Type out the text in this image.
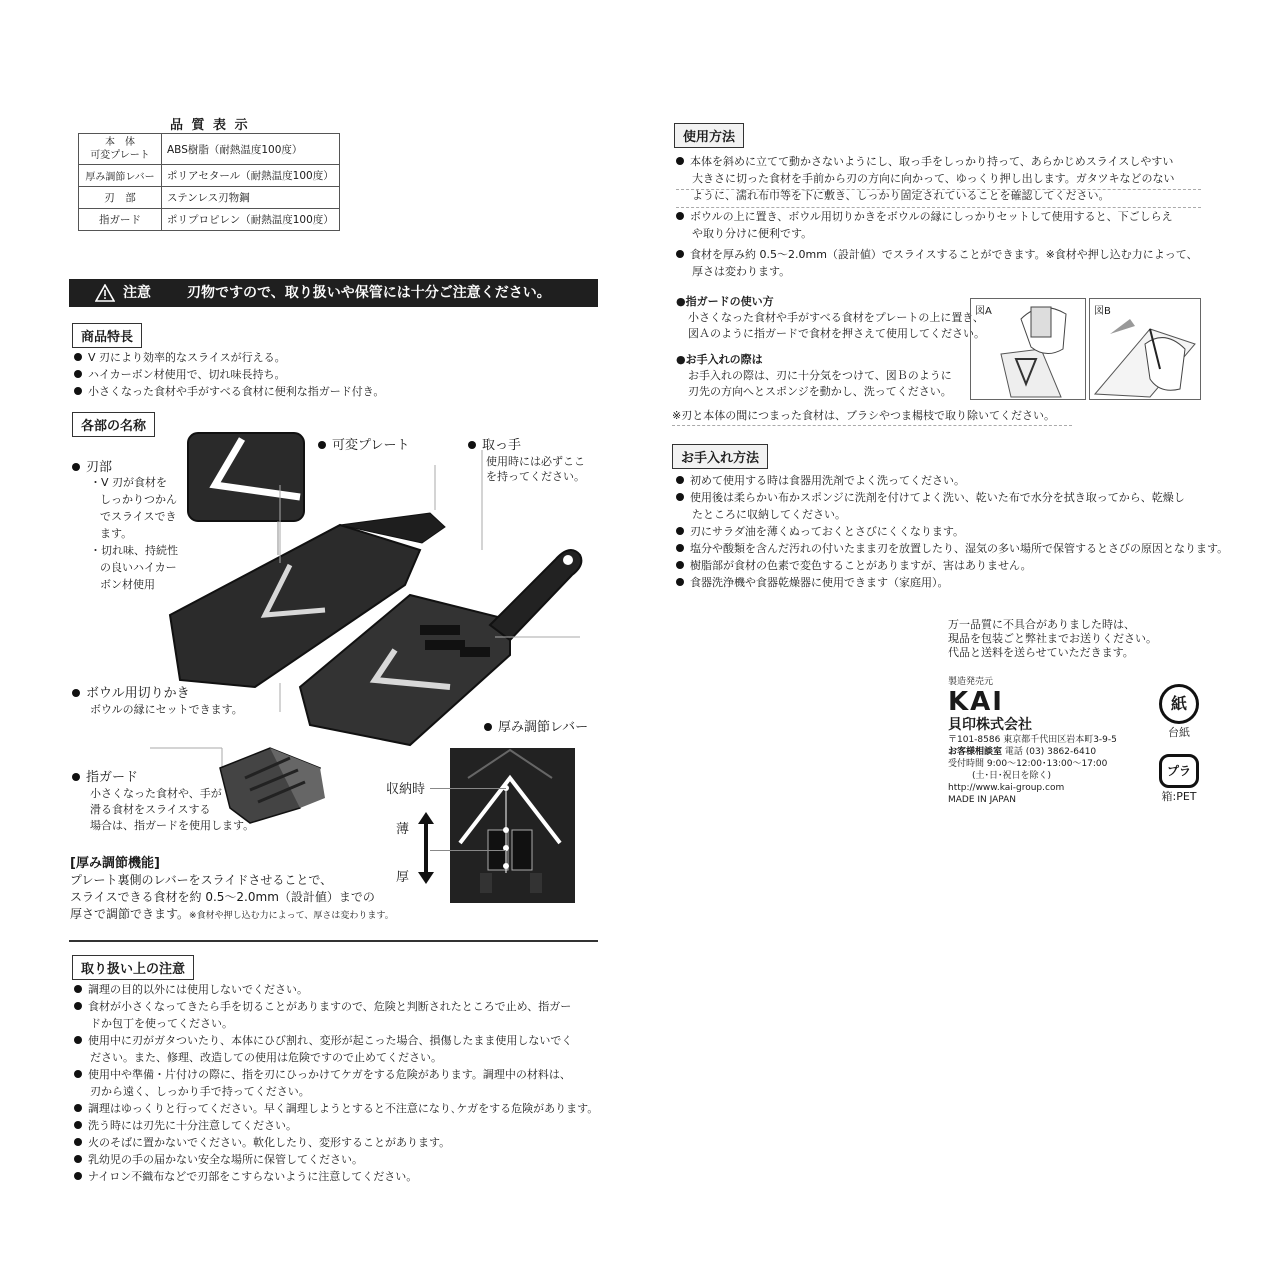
品 質 表 示
本　体
可変プレート	ABS樹脂（耐熱温度100度）
厚み調節レバー	ポリアセタール（耐熱温度100度）
刃　部	ステンレス刃物鋼
指ガード	ポリプロピレン（耐熱温度100度）
注意	刃物ですので、取り扱いや保管には十分ご注意ください。
商品特長
V 刃により効率的なスライスが行える。
ハイカーボン材使用で、切れ味長持ち。
小さくなった食材や手がすべる食材に便利な指ガード付き。
各部の名称
刃部
・V 刃が食材を
しっかりつかん
でスライスでき
ます。
・切れ味、持続性
の良いハイカー
ボン材使用
可変プレート	取っ手
使用時には必ずここ
を持ってください。
ボウル用切りかき
ボウルの縁にセットできます。
厚み調節レバー
指ガード
小さくなった食材や、手が
滑る食材をスライスする
場合は、指ガードを使用します。
収納時
薄
厚
[厚み調節機能]
プレート裏側のレバーをスライドさせることで、
スライスできる食材を約 0.5〜2.0mm（設計値）までの
厚さで調節できます。※食材や押し込む力によって、厚さは変わります。
取り扱い上の注意
調理の目的以外には使用しないでください。
食材が小さくなってきたら手を切ることがありますので、危険と判断されたところで止め、指ガー
ドか包丁を使ってください。
使用中に刃がガタついたり、本体にひび割れ、変形が起こった場合、損傷したまま使用しないでく
ださい。また、修理、改造しての使用は危険ですので止めてください。
使用中や準備・片付けの際に、指を刃にひっかけてケガをする危険があります。調理中の材料は、
刃から遠く、しっかり手で持ってください。
調理はゆっくりと行ってください。早く調理しようとすると不注意になり､ケガをする危険があります。
洗う時には刃先に十分注意してください。
火のそばに置かないでください。軟化したり、変形することがあります。
乳幼児の手の届かない安全な場所に保管してください。
ナイロン不織布などで刃部をこすらないように注意してください。
使用方法
本体を斜めに立てて動かさないようにし、取っ手をしっかり持って、あらかじめスライスしやすい
大きさに切った食材を手前から刃の方向に向かって、ゆっくり押し出します。ガタツキなどのない
ように、濡れ布巾等を下に敷き、しっかり固定されていることを確認してください。
ボウルの上に置き、ボウル用切りかきをボウルの縁にしっかりセットして使用すると、下ごしらえ
や取り分けに便利です。
食材を厚み約 0.5〜2.0mm（設計値）でスライスすることができます。※食材や押し込む力によって、
厚さは変わります。
●指ガードの使い方
小さくなった食材や手がすべる食材をプレートの上に置き、
図Ａのように指ガードで食材を押さえて使用してください。
●お手入れの際は
お手入れの際は、刃に十分気をつけて、図Ｂのように
刃先の方向へとスポンジを動かし、洗ってください。
※刃と本体の間につまった食材は、ブラシやつま楊枝で取り除いてください。
図A	図B
お手入れ方法
初めて使用する時は食器用洗剤でよく洗ってください。
使用後は柔らかい布かスポンジに洗剤を付けてよく洗い、乾いた布で水分を拭き取ってから、乾燥し
たところに収納してください。
刃にサラダ油を薄くぬっておくとさびにくくなります。
塩分や酸類を含んだ汚れの付いたまま刃を放置したり、湿気の多い場所で保管するとさびの原因となります。
樹脂部が食材の色素で変色することがありますが、害はありません。
食器洗浄機や食器乾燥器に使用できます（家庭用）。
万一品質に不具合がありました時は、
現品を包装ごと弊社までお送りください。
代品と送料を送らせていただきます。
製造発売元
KAI
貝印株式会社
〒101-8586 東京都千代田区岩本町3-9-5
お客様相談室 電話 (03) 3862-6410
受付時間 9:00〜12:00･13:00〜17:00
(土･日･祝日を除く)
http://www.kai-group.com
MADE IN JAPAN
紙
台紙
プラ
箱:PET
